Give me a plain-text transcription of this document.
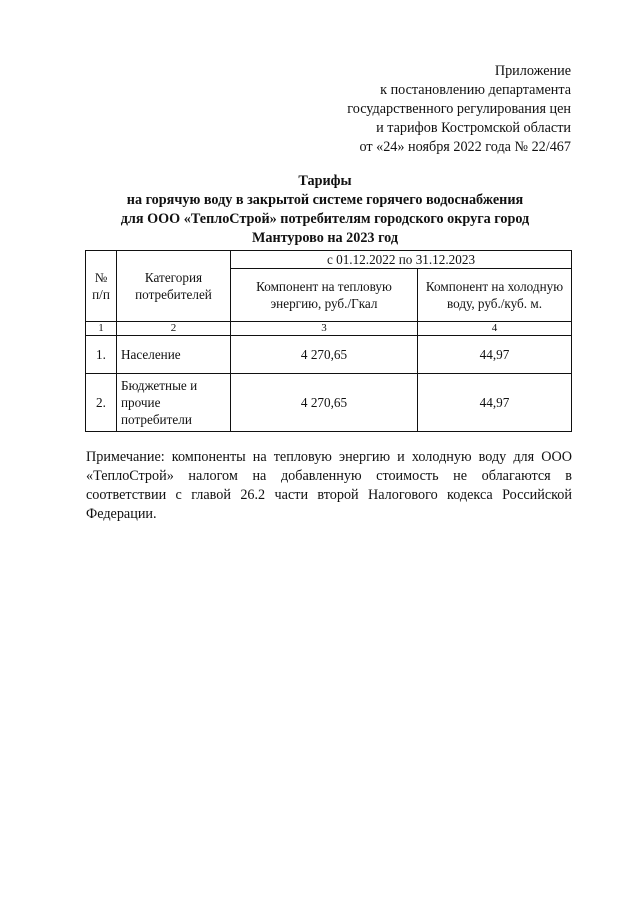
Приложение
к постановлению департамента
государственного регулирования цен
и тарифов Костромской области
от «24» ноября 2022 года № 22/467
Тарифы
на горячую воду в закрытой системе горячего водоснабжения
для ООО «ТеплоСтрой» потребителям городского округа город
Мантурово на 2023 год
№ п/п	Категория потребителей	с 01.12.2022 по 31.12.2023	
		Компонент на тепловую энергию, руб./Гкал	Компонент на холодную воду, руб./куб. м.
1	2	3	4
1.	Население	4 270,65	44,97
2.	Бюджетные и прочие потребители	4 270,65	44,97
Примечание: компоненты на тепловую энергию и холодную воду для ООО «ТеплоСтрой» налогом на добавленную стоимость не облагаются в соответствии с главой 26.2 части второй Налогового кодекса Российской Федерации.
